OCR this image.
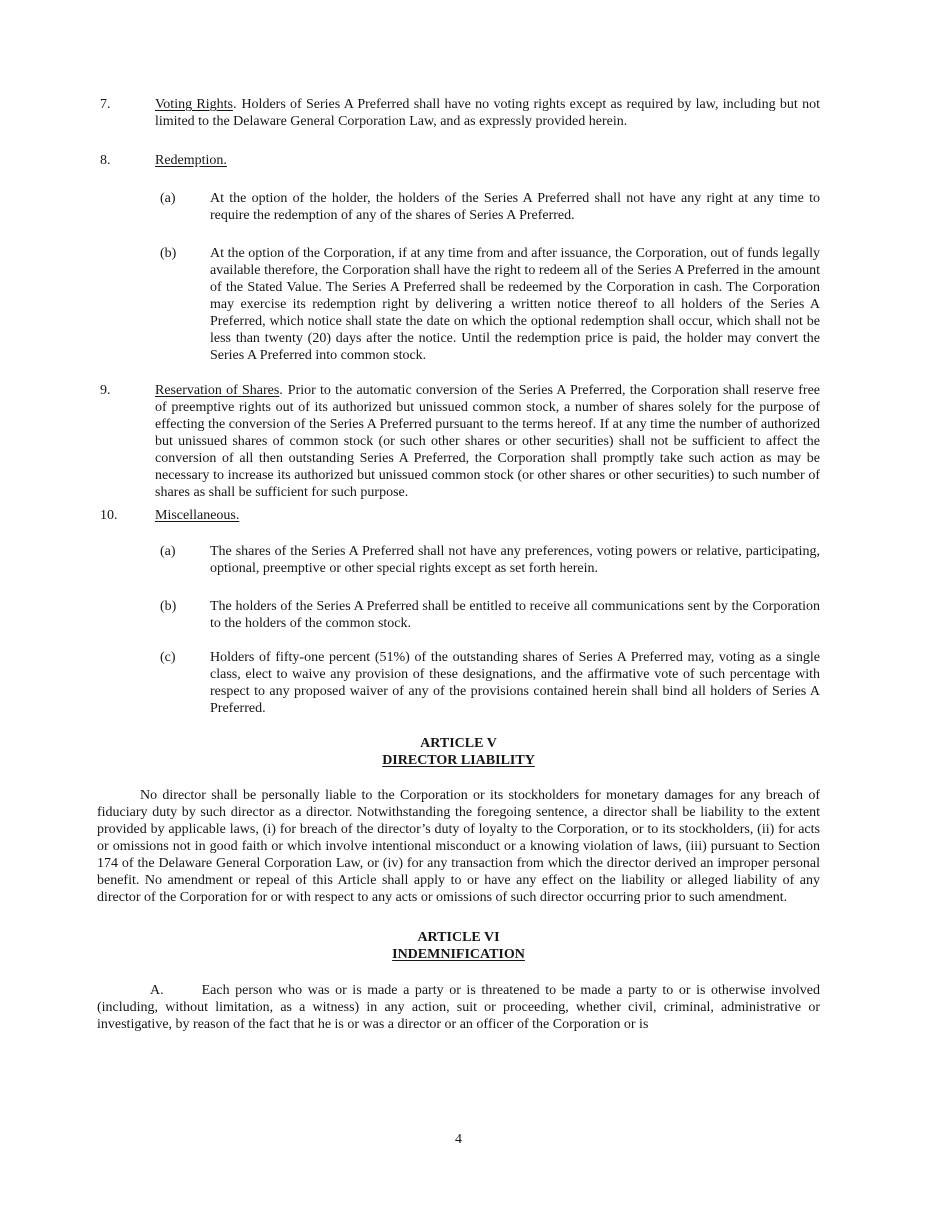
7.	Voting Rights. Holders of Series A Preferred shall have no voting rights except as required by law, including but not limited to the Delaware General Corporation Law, and as expressly provided herein.
8.	Redemption.
(a) At the option of the holder, the holders of the Series A Preferred shall not have any right at any time to require the redemption of any of the shares of Series A Preferred.
(b) At the option of the Corporation, if at any time from and after issuance, the Corporation, out of funds legally available therefore, the Corporation shall have the right to redeem all of the Series A Preferred in the amount of the Stated Value. The Series A Preferred shall be redeemed by the Corporation in cash. The Corporation may exercise its redemption right by delivering a written notice thereof to all holders of the Series A Preferred, which notice shall state the date on which the optional redemption shall occur, which shall not be less than twenty (20) days after the notice. Until the redemption price is paid, the holder may convert the Series A Preferred into common stock.
9.	Reservation of Shares. Prior to the automatic conversion of the Series A Preferred, the Corporation shall reserve free of preemptive rights out of its authorized but unissued common stock, a number of shares solely for the purpose of effecting the conversion of the Series A Preferred pursuant to the terms hereof. If at any time the number of authorized but unissued shares of common stock (or such other shares or other securities) shall not be sufficient to affect the conversion of all then outstanding Series A Preferred, the Corporation shall promptly take such action as may be necessary to increase its authorized but unissued common stock (or other shares or other securities) to such number of shares as shall be sufficient for such purpose.
10.	Miscellaneous.
(a) The shares of the Series A Preferred shall not have any preferences, voting powers or relative, participating, optional, preemptive or other special rights except as set forth herein.
(b) The holders of the Series A Preferred shall be entitled to receive all communications sent by the Corporation to the holders of the common stock.
(c) Holders of fifty-one percent (51%) of the outstanding shares of Series A Preferred may, voting as a single class, elect to waive any provision of these designations, and the affirmative vote of such percentage with respect to any proposed waiver of any of the provisions contained herein shall bind all holders of Series A Preferred.
ARTICLE V
DIRECTOR LIABILITY
No director shall be personally liable to the Corporation or its stockholders for monetary damages for any breach of fiduciary duty by such director as a director. Notwithstanding the foregoing sentence, a director shall be liability to the extent provided by applicable laws, (i) for breach of the director’s duty of loyalty to the Corporation, or to its stockholders, (ii) for acts or omissions not in good faith or which involve intentional misconduct or a knowing violation of laws, (iii) pursuant to Section 174 of the Delaware General Corporation Law, or (iv) for any transaction from which the director derived an improper personal benefit. No amendment or repeal of this Article shall apply to or have any effect on the liability or alleged liability of any director of the Corporation for or with respect to any acts or omissions of such director occurring prior to such amendment.
ARTICLE VI
INDEMNIFICATION
A.	Each person who was or is made a party or is threatened to be made a party to or is otherwise involved (including, without limitation, as a witness) in any action, suit or proceeding, whether civil, criminal, administrative or investigative, by reason of the fact that he is or was a director or an officer of the Corporation or is
4
